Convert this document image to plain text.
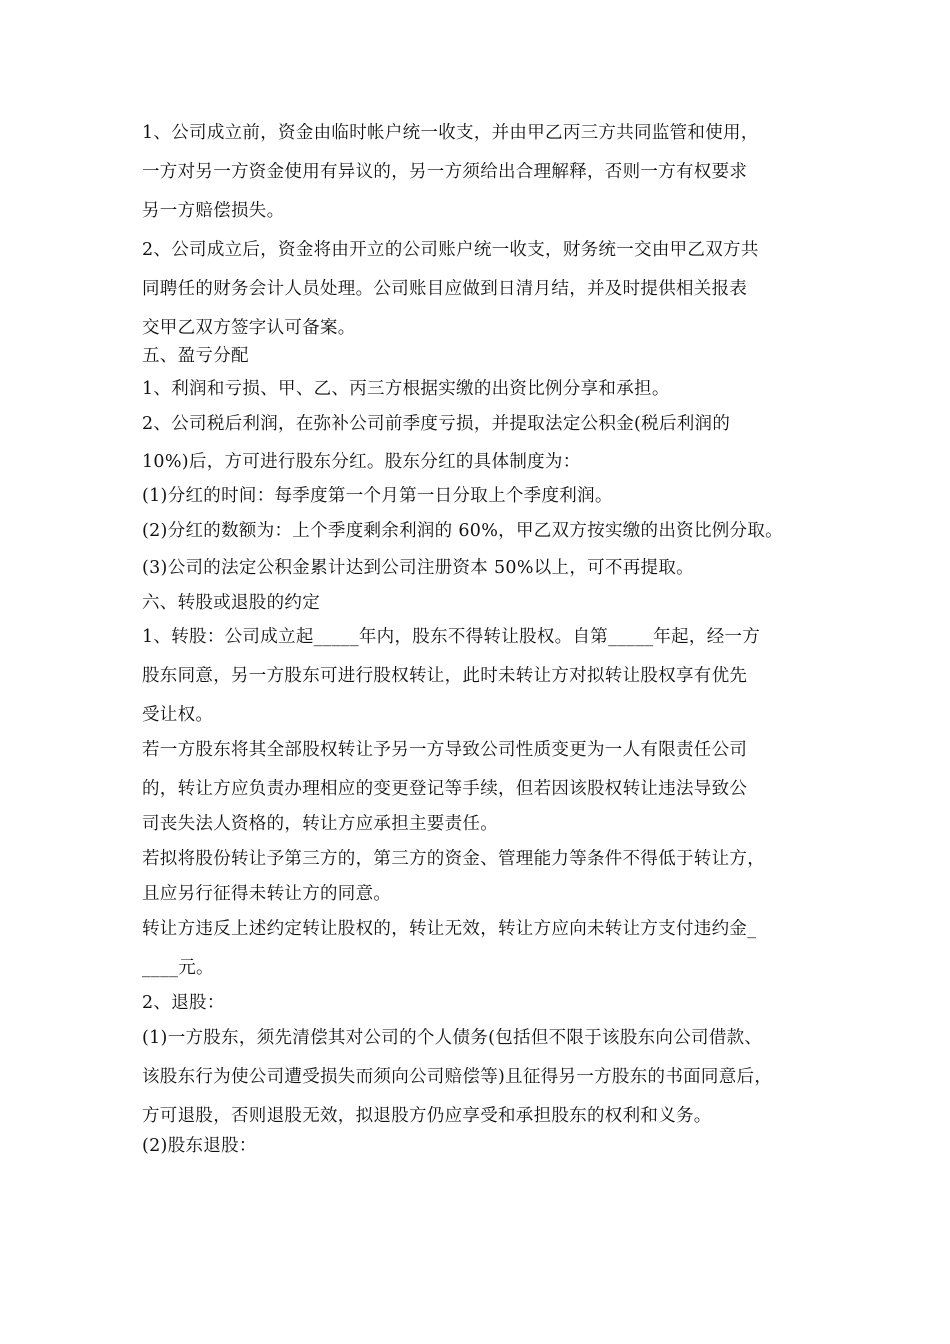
1、公司成立前，资金由临时帐户统一收支，并由甲乙丙三方共同监管和使用，
一方对另一方资金使用有异议的，另一方须给出合理解释，否则一方有权要求
另一方赔偿损失。
2、公司成立后，资金将由开立的公司账户统一收支，财务统一交由甲乙双方共
同聘任的财务会计人员处理。公司账目应做到日清月结，并及时提供相关报表
交甲乙双方签字认可备案。
五、盈亏分配
1、利润和亏损、甲、乙、丙三方根据实缴的出资比例分享和承担。
2、公司税后利润，在弥补公司前季度亏损，并提取法定公积金(税后利润的
10%)后，方可进行股东分红。股东分红的具体制度为：
(1)分红的时间：每季度第一个月第一日分取上个季度利润。
(2)分红的数额为：上个季度剩余利润的 60%，甲乙双方按实缴的出资比例分取。
(3)公司的法定公积金累计达到公司注册资本 50%以上，可不再提取。
六、转股或退股的约定
1、转股：公司成立起_____年内，股东不得转让股权。自第_____年起，经一方
股东同意，另一方股东可进行股权转让，此时未转让方对拟转让股权享有优先
受让权。
若一方股东将其全部股权转让予另一方导致公司性质变更为一人有限责任公司
的，转让方应负责办理相应的变更登记等手续，但若因该股权转让违法导致公
司丧失法人资格的，转让方应承担主要责任。
若拟将股份转让予第三方的，第三方的资金、管理能力等条件不得低于转让方，
且应另行征得未转让方的同意。
转让方违反上述约定转让股权的，转让无效，转让方应向未转让方支付违约金_
____元。
2、退股：
(1)一方股东，须先清偿其对公司的个人债务(包括但不限于该股东向公司借款、
该股东行为使公司遭受损失而须向公司赔偿等)且征得另一方股东的书面同意后，
方可退股，否则退股无效，拟退股方仍应享受和承担股东的权利和义务。
(2)股东退股：
